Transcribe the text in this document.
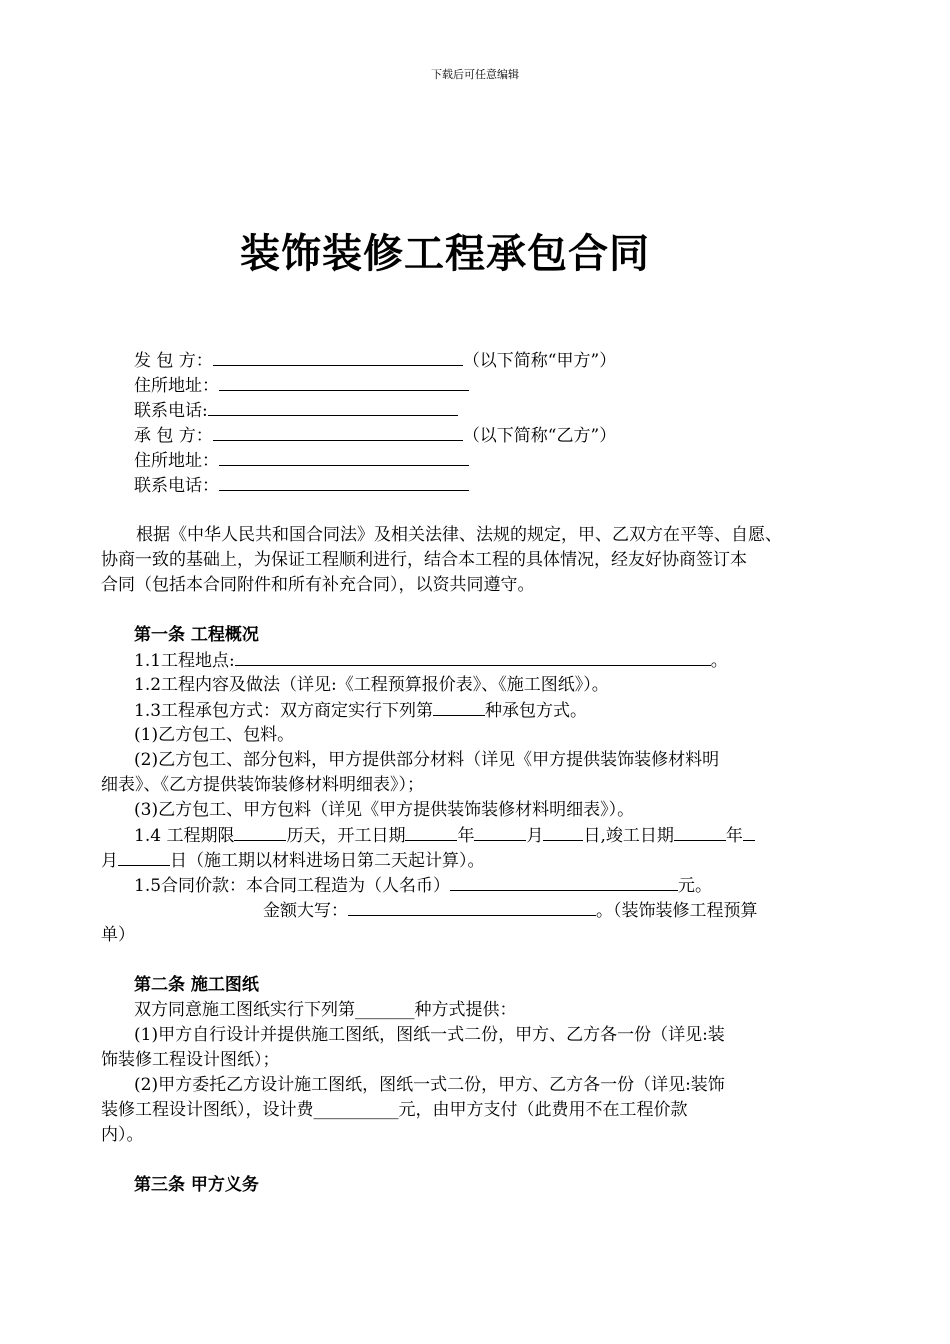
下载后可任意编辑
装饰装修工程承包合同
发 包 方：	（以下简称“甲方”）
住所地址：
联系电话:
承 包 方：	（以下简称“乙方”）
住所地址：
联系电话：
根据《中华人民共和国合同法》及相关法律、法规的规定，甲、乙双方在平等、自愿、
协商一致的基础上，为保证工程顺利进行，结合本工程的具体情况，经友好协商签订本
合同（包括本合同附件和所有补充合同），以资共同遵守。
第一条 工程概况
1.1工程地点:	。
1.2工程内容及做法（详见:《工程预算报价表》、《施工图纸》）。
1.3工程承包方式：双方商定实行下列第	种承包方式。
(1)乙方包工、包料。
(2)乙方包工、部分包料，甲方提供部分材料（详见《甲方提供装饰装修材料明
细表》、《乙方提供装饰装修材料明细表》）；
(3)乙方包工、甲方包料（详见《甲方提供装饰装修材料明细表》）。
1.4 工程期限	历天，开工日期	年	月 日,竣工日期	年
月	日（施工期以材料进场日第二天起计算）。
1.5合同价款：本合同工程造为（人名币）	元。
金额大写：	。（装饰装修工程预算
单）
第二条 施工图纸
双方同意施工图纸实行下列第_______种方式提供：
(1)甲方自行设计并提供施工图纸，图纸一式二份，甲方、乙方各一份（详见:装
饰装修工程设计图纸）；
(2)甲方委托乙方设计施工图纸，图纸一式二份，甲方、乙方各一份（详见:装饰
装修工程设计图纸），设计费__________元，由甲方支付（此费用不在工程价款
内）。
第三条 甲方义务
